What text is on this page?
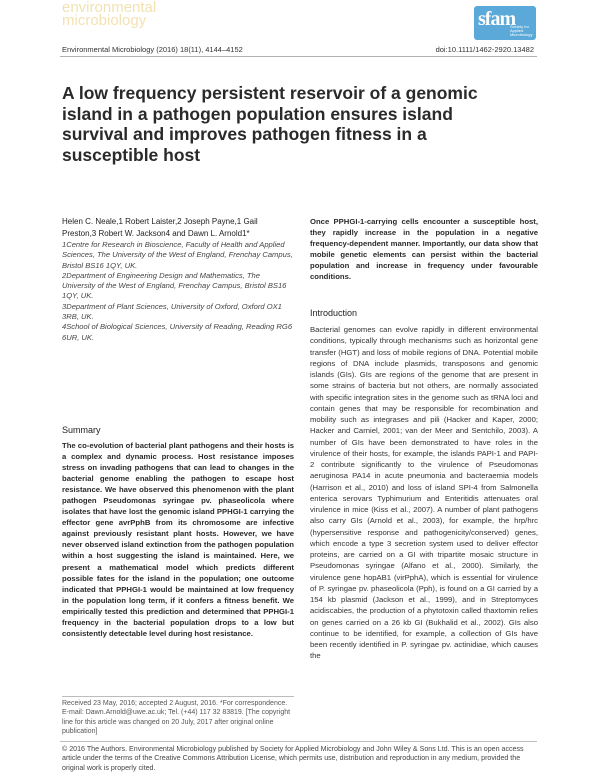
environmental
microbiology	sfam
Society for Applied Microbiology
Environmental Microbiology (2016) 18(11), 4144–4152	doi:10.1111/1462-2920.13482
A low frequency persistent reservoir of a genomic island in a pathogen population ensures island survival and improves pathogen fitness in a susceptible host

Helen C. Neale,1 Robert Laister,2 Joseph Payne,1 Gail Preston,3 Robert W. Jackson4 and Dawn L. Arnold1*

1Centre for Research in Bioscience, Faculty of Health and Applied Sciences, The University of the West of England, Frenchay Campus, Bristol BS16 1QY, UK.

2Department of Engineering Design and Mathematics, The University of the West of England, Frenchay Campus, Bristol BS16 1QY, UK.

3Department of Plant Sciences, University of Oxford, Oxford OX1 3RB, UK.

4School of Biological Sciences, University of Reading, Reading RG6 6UR, UK.

Summary
The co-evolution of bacterial plant pathogens and their hosts is a complex and dynamic process. Host resistance imposes stress on invading pathogens that can lead to changes in the bacterial genome enabling the pathogen to escape host resistance. We have observed this phenomenon with the plant pathogen Pseudomonas syringae pv. phaseolicola where isolates that have lost the genomic island PPHGI-1 carrying the effector gene avrPphB from its chromosome are infective against previously resistant plant hosts. However, we have never observed island extinction from the pathogen population within a host suggesting the island is maintained. Here, we present a mathematical model which predicts different possible fates for the island in the population; one outcome indicated that PPHGI-1 would be maintained at low frequency in the population long term, if it confers a fitness benefit. We empirically tested this prediction and determined that PPHGI-1 frequency in the bacterial population drops to a low but consistently detectable level during host resistance.
Received 23 May, 2016; accepted 2 August, 2016. *For correspondence. E-mail: Dawn.Arnold@uwe.ac.uk; Tel. (+44) 117 32 83819. [The copyright line for this article was changed on 20 July, 2017 after original online publication]
Once PPHGI-1-carrying cells encounter a susceptible host, they rapidly increase in the population in a negative frequency-dependent manner. Importantly, our data show that mobile genetic elements can persist within the bacterial population and increase in frequency under favourable conditions.
Introduction
Bacterial genomes can evolve rapidly in different environmental conditions, typically through mechanisms such as horizontal gene transfer (HGT) and loss of mobile regions of DNA. Potential mobile regions of DNA include plasmids, transposons and genomic islands (GIs). GIs are regions of the genome that are present in some strains of bacteria but not others, are normally associated with specific integration sites in the genome such as tRNA loci and contain genes that may be responsible for recombination and mobility such as integrases and pili (Hacker and Kaper, 2000; Hacker and Carniel, 2001; van der Meer and Sentchilo, 2003). A number of GIs have been demonstrated to have roles in the virulence of their hosts, for example, the islands PAPI-1 and PAPI-2 contribute significantly to the virulence of Pseudomonas aeruginosa PA14 in acute pneumonia and bacteraemia models (Harrison et al., 2010) and loss of island SPI-4 from Salmonella enterica serovars Typhimurium and Enteritidis attenuates oral virulence in mice (Kiss et al., 2007). A number of plant pathogens also carry GIs (Arnold et al., 2003), for example, the hrp/hrc (hypersensitive response and pathogenicity/conserved) genes, which encode a type 3 secretion system used to deliver effector proteins, are carried on a GI with tripartite mosaic structure in Pseudomonas syringae (Alfano et al., 2000). Similarly, the virulence gene hopAB1 (virPphA), which is essential for virulence of P. syringae pv. phaseolicola (Pph), is found on a GI carried by a 154 kb plasmid (Jackson et al., 1999), and in Streptomyces acidiscabies, the production of a phytotoxin called thaxtomin relies on genes carried on a 26 kb GI (Bukhalid et al., 2002). GIs also continue to be identified, for example, a collection of GIs have been recently identified in P. syringae pv. actinidiae, which causes the
© 2016 The Authors. Environmental Microbiology published by Society for Applied Microbiology and John Wiley & Sons Ltd. This is an open access article under the terms of the Creative Commons Attribution License, which permits use, distribution and reproduction in any medium, provided the original work is properly cited.
